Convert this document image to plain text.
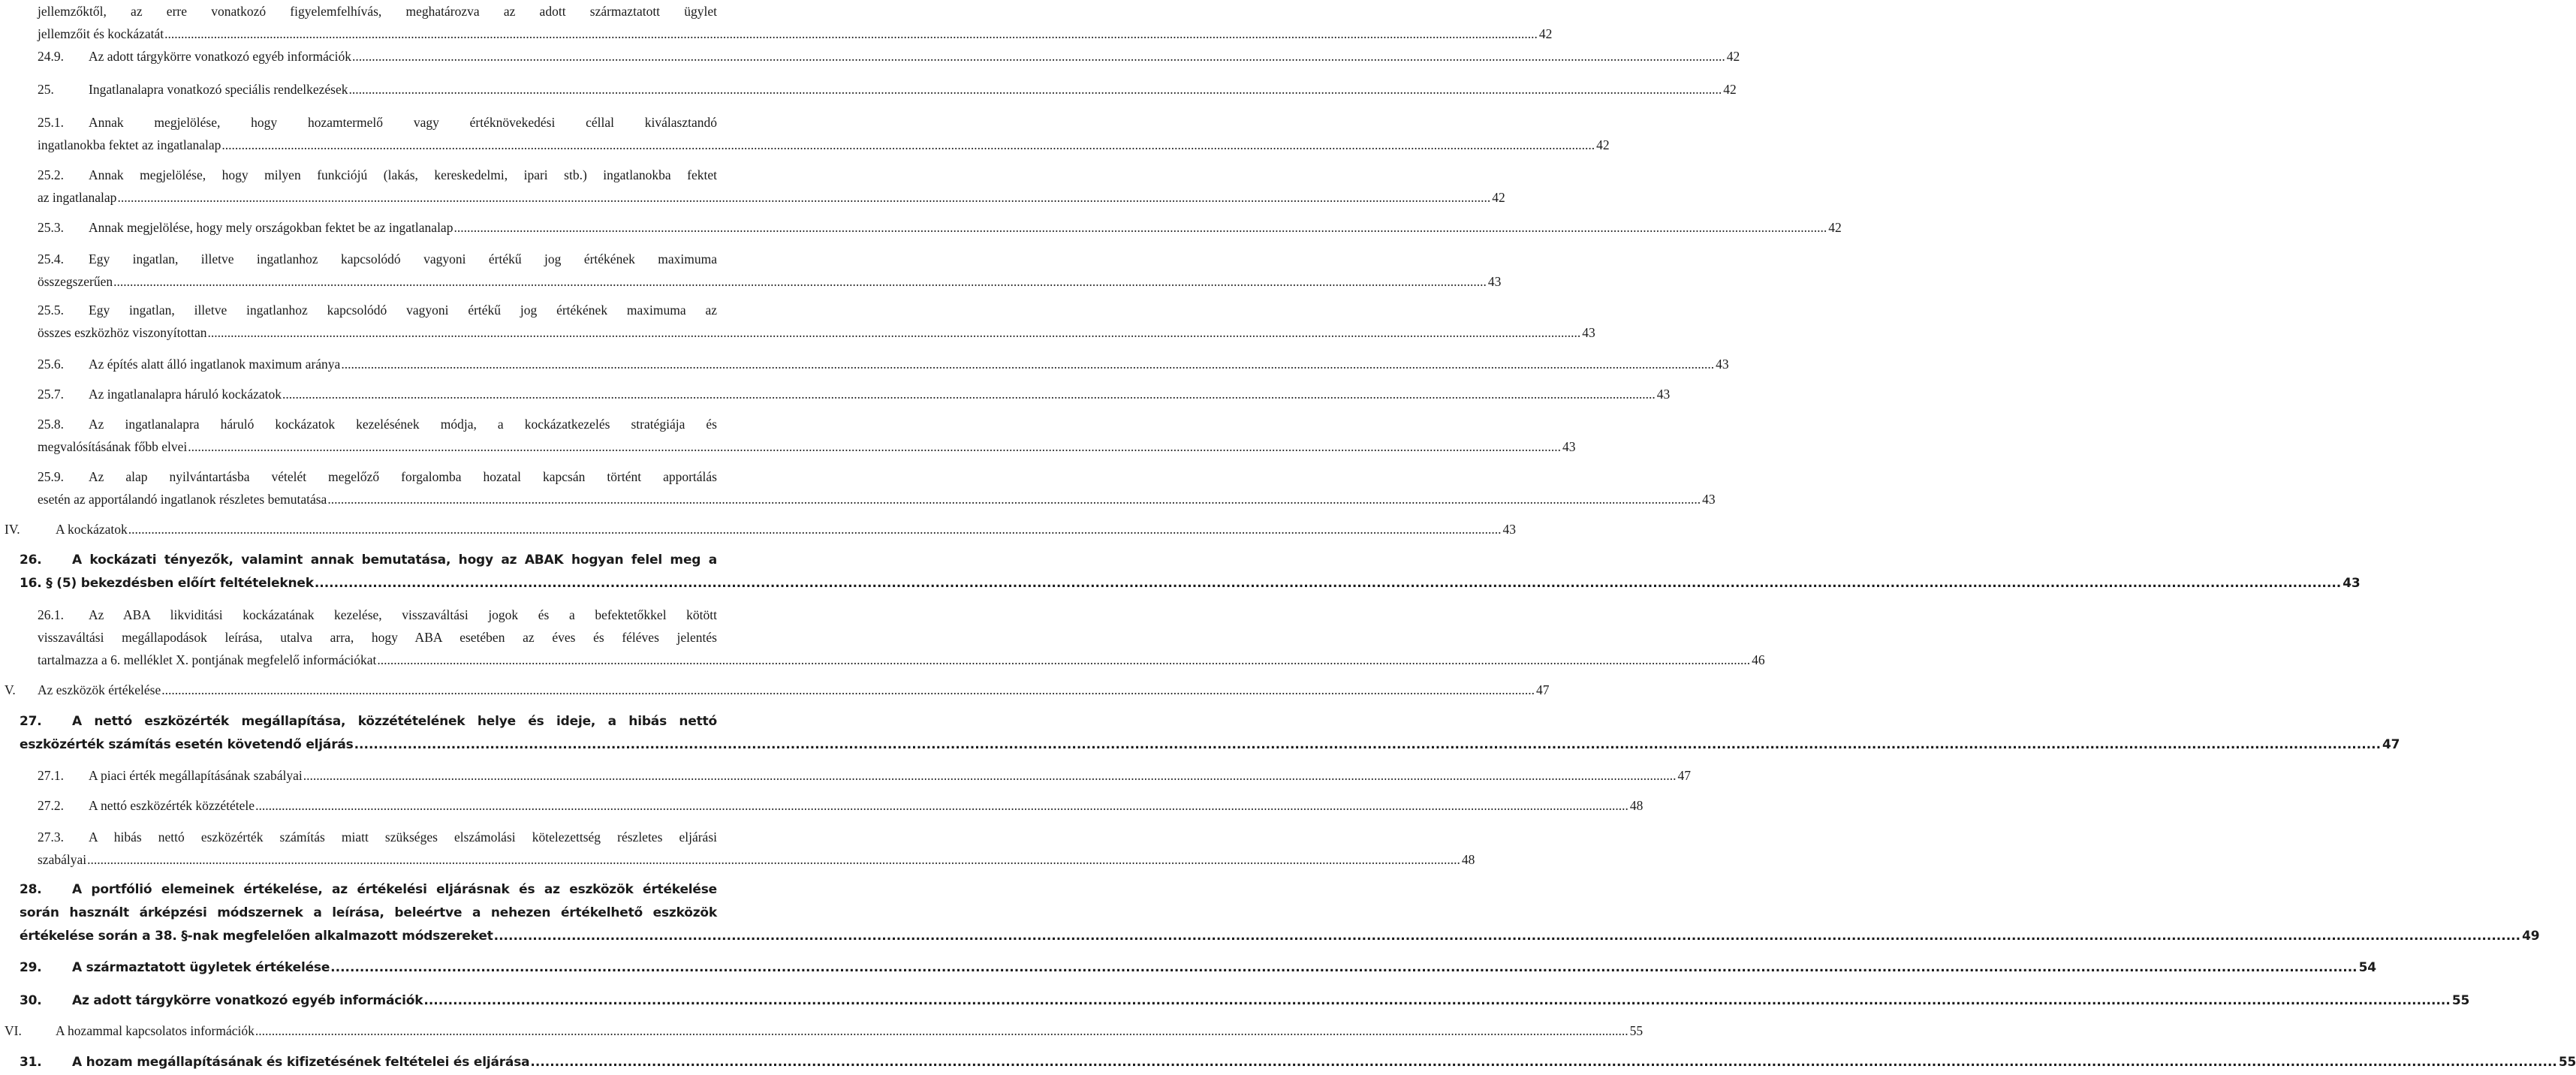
jellemzőktől, az erre vonatkozó figyelemfelhívás, meghatározva az adott származtatott ügylet
jellemzőit és kockázatát .....	42
24.9.	Az adott tárgykörre vonatkozó egyéb információk .....	42
25.	Ingatlanalapra vonatkozó speciális rendelkezések .....	42
25.1.	Annak megjelölése, hogy hozamtermelő vagy értéknövekedési céllal kiválasztandó
ingatlanokba fektet az ingatlanalap .....	42
25.2.	Annak megjelölése, hogy milyen funkciójú (lakás, kereskedelmi, ipari stb.) ingatlanokba fektet
az ingatlanalap .....	42
25.3.	Annak megjelölése, hogy mely országokban fektet be az ingatlanalap .....	42
25.4.	Egy ingatlan, illetve ingatlanhoz kapcsolódó vagyoni értékű jog értékének maximuma
összegszerűen .....	43
25.5.	Egy ingatlan, illetve ingatlanhoz kapcsolódó vagyoni értékű jog értékének maximuma az
összes eszközhöz viszonyítottan .....	43
25.6.	Az építés alatt álló ingatlanok maximum aránya .....	43
25.7.	Az ingatlanalapra háruló kockázatok .....	43
25.8.	Az ingatlanalapra háruló kockázatok kezelésének módja, a kockázatkezelés stratégiája és
megvalósításának főbb elvei .....	43
25.9.	Az alap nyilvántartásba vételét megelőző forgalomba hozatal kapcsán történt apportálás
esetén az apportálandó ingatlanok részletes bemutatása .....	43
IV.	A kockázatok .....	43
26.	A kockázati tényezők, valamint annak bemutatása, hogy az ABAK hogyan felel meg a
16. § (5) bekezdésben előírt feltételeknek .....	43
26.1.	Az ABA likviditási kockázatának kezelése, visszaváltási jogok és a befektetőkkel kötött
visszaváltási megállapodások leírása, utalva arra, hogy ABA esetében az éves és féléves jelentés
tartalmazza a 6. melléklet X. pontjának megfelelő információkat .....	46
V.	Az eszközök értékelése .....	47
27.	A nettó eszközérték megállapítása, közzétételének helye és ideje, a hibás nettó
eszközérték számítás esetén követendő eljárás .....	47
27.1.	A piaci érték megállapításának szabályai .....	47
27.2.	A nettó eszközérték közzététele .....	48
27.3.	A hibás nettó eszközérték számítás miatt szükséges elszámolási kötelezettség részletes eljárási
szabályai .....	48
28.	A portfólió elemeinek értékelése, az értékelési eljárásnak és az eszközök értékelése
során használt árképzési módszernek a leírása, beleértve a nehezen értékelhető eszközök
értékelése során a 38. §-nak megfelelően alkalmazott módszereket .....	49
29.	A származtatott ügyletek értékelése .....	54
30.	Az adott tárgykörre vonatkozó egyéb információk .....	55
VI.	A hozammal kapcsolatos információk .....	55
31.	A hozam megállapításának és kifizetésének feltételei és eljárása .....	55
